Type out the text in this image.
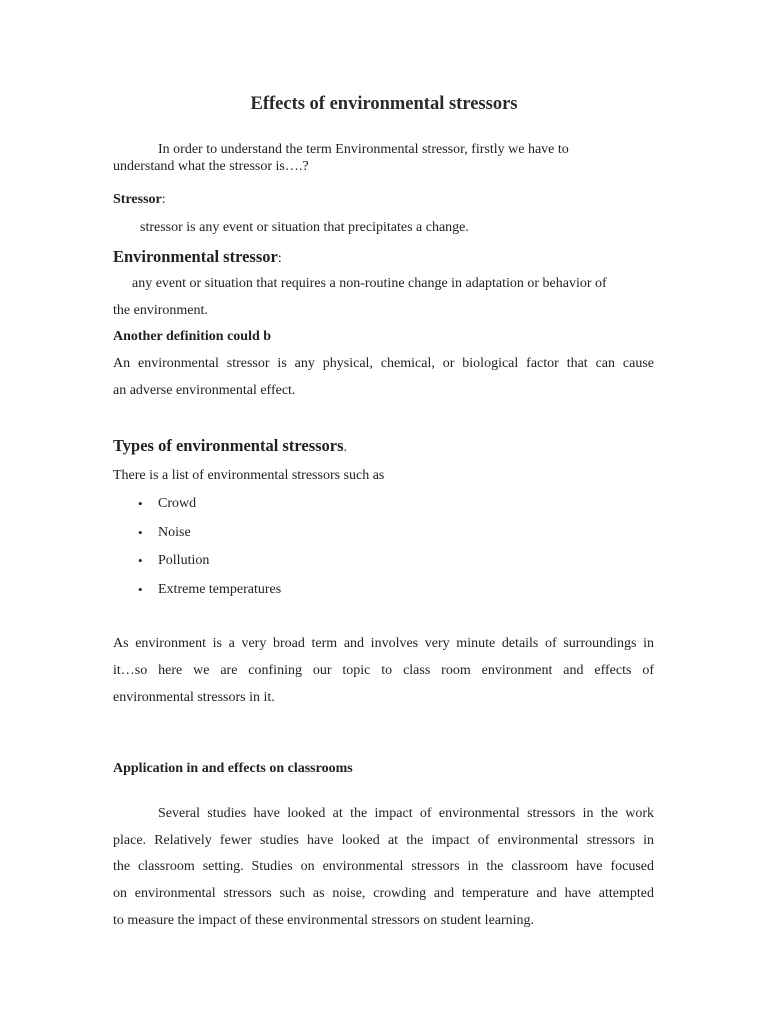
Effects of environmental stressors
In order to understand the term Environmental stressor, firstly we have to
understand what the stressor is….?
Stressor:
stressor is any event or situation that precipitates a change.
Environmental stressor:
any event or situation that requires a non-routine change in adaptation or behavior of
the environment.
Another definition could b
An environmental stressor is any physical, chemical, or biological factor that can cause
an adverse environmental effect.
Types of environmental stressors.
There is a list of environmental stressors such as
• Crowd
• Noise
• Pollution
• Extreme temperatures
As environment is a very broad term and involves very minute details of surroundings in
it…so here we are confining our topic to class room environment and effects of
environmental stressors in it.
Application in and effects on classrooms
Several studies have looked at the impact of environmental stressors in the work
place. Relatively fewer studies have looked at the impact of environmental stressors in
the classroom setting. Studies on environmental stressors in the classroom have focused
on environmental stressors such as noise, crowding and temperature and have attempted
to measure the impact of these environmental stressors on student learning.
